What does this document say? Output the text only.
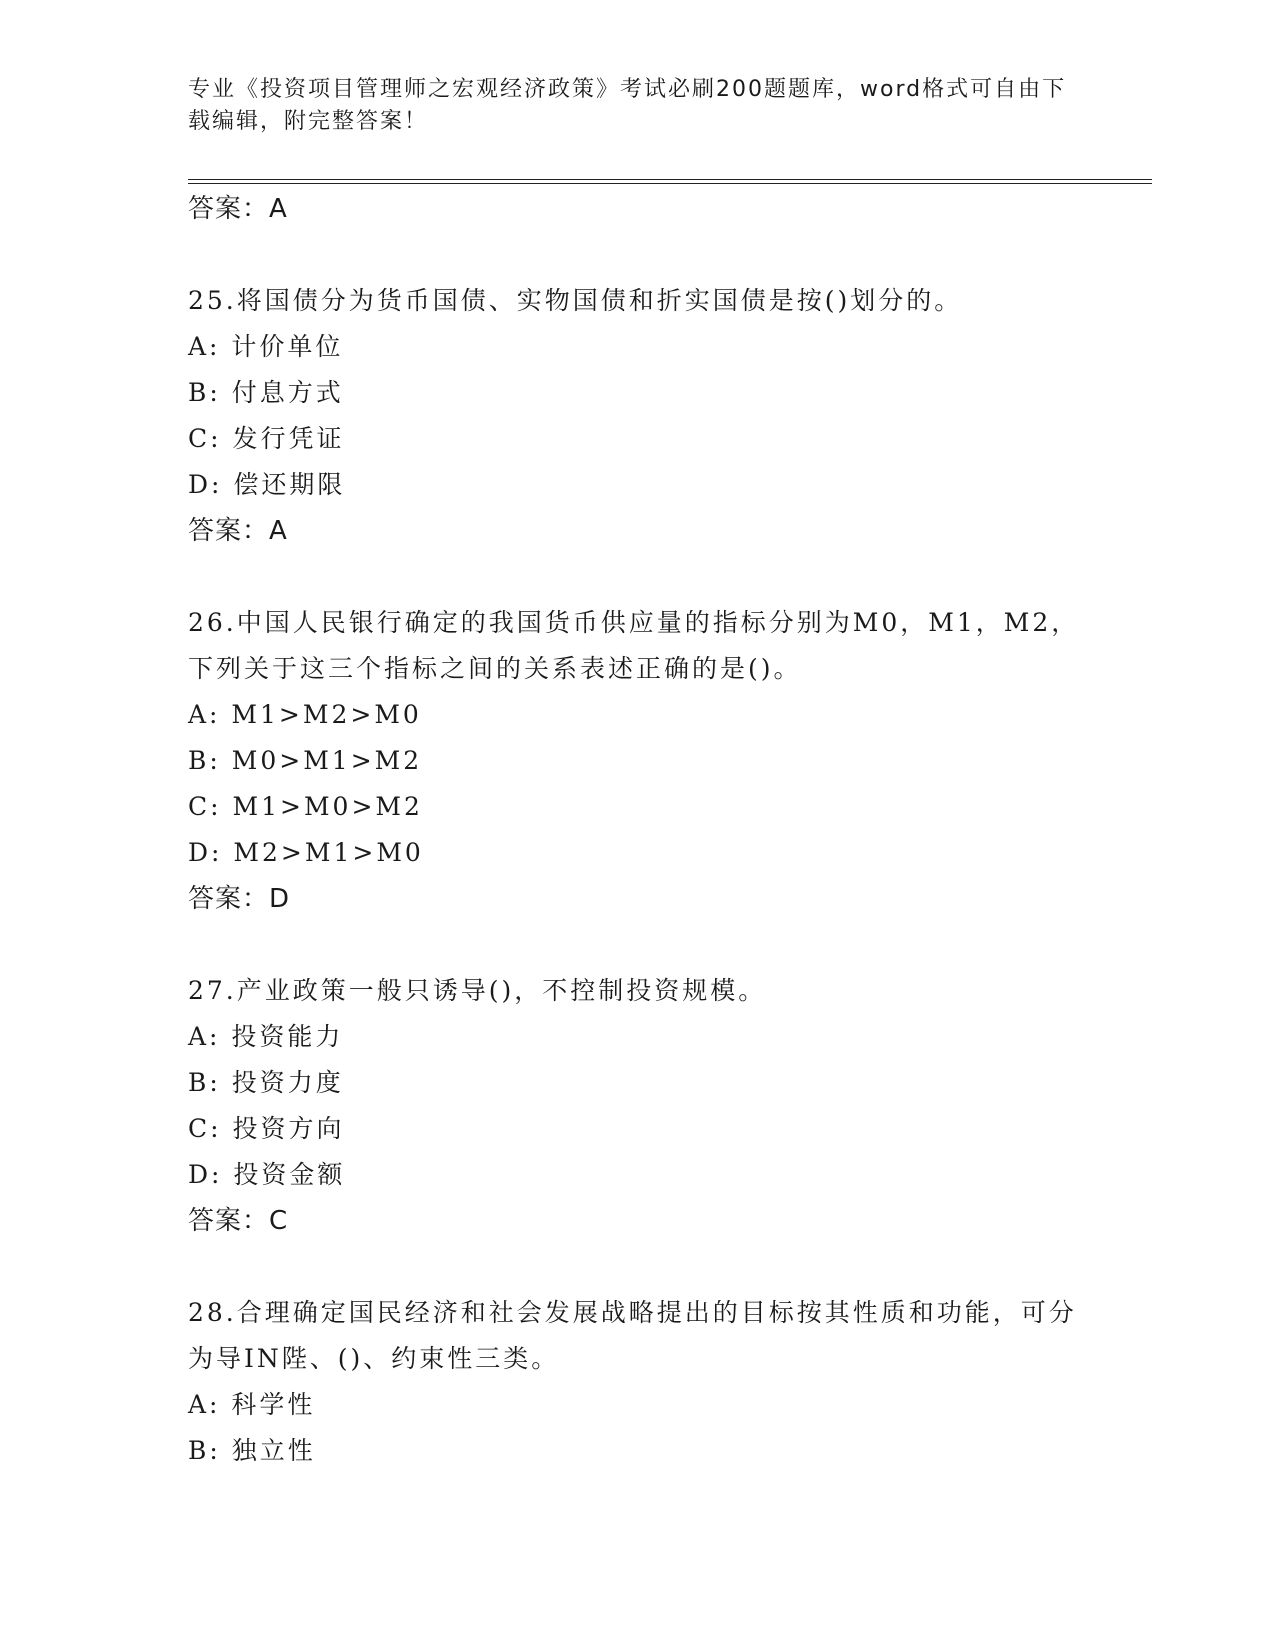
专业《投资项目管理师之宏观经济政策》考试必刷200题题库，word格式可自由下载编辑，附完整答案！
答案：A
25.将国债分为货币国债、实物国债和折实国债是按()划分的。
A: 计价单位
B: 付息方式
C: 发行凭证
D: 偿还期限
答案：A
26.中国人民银行确定的我国货币供应量的指标分别为M0，M1，M2，下列关于这三个指标之间的关系表述正确的是()。
A: M1>M2>M0
B: M0>M1>M2
C: M1>M0>M2
D: M2>M1>M0
答案：D
27.产业政策一般只诱导()，不控制投资规模。
A: 投资能力
B: 投资力度
C: 投资方向
D: 投资金额
答案：C
28.合理确定国民经济和社会发展战略提出的目标按其性质和功能，可分为导IN陛、()、约束性三类。
A: 科学性
B: 独立性
